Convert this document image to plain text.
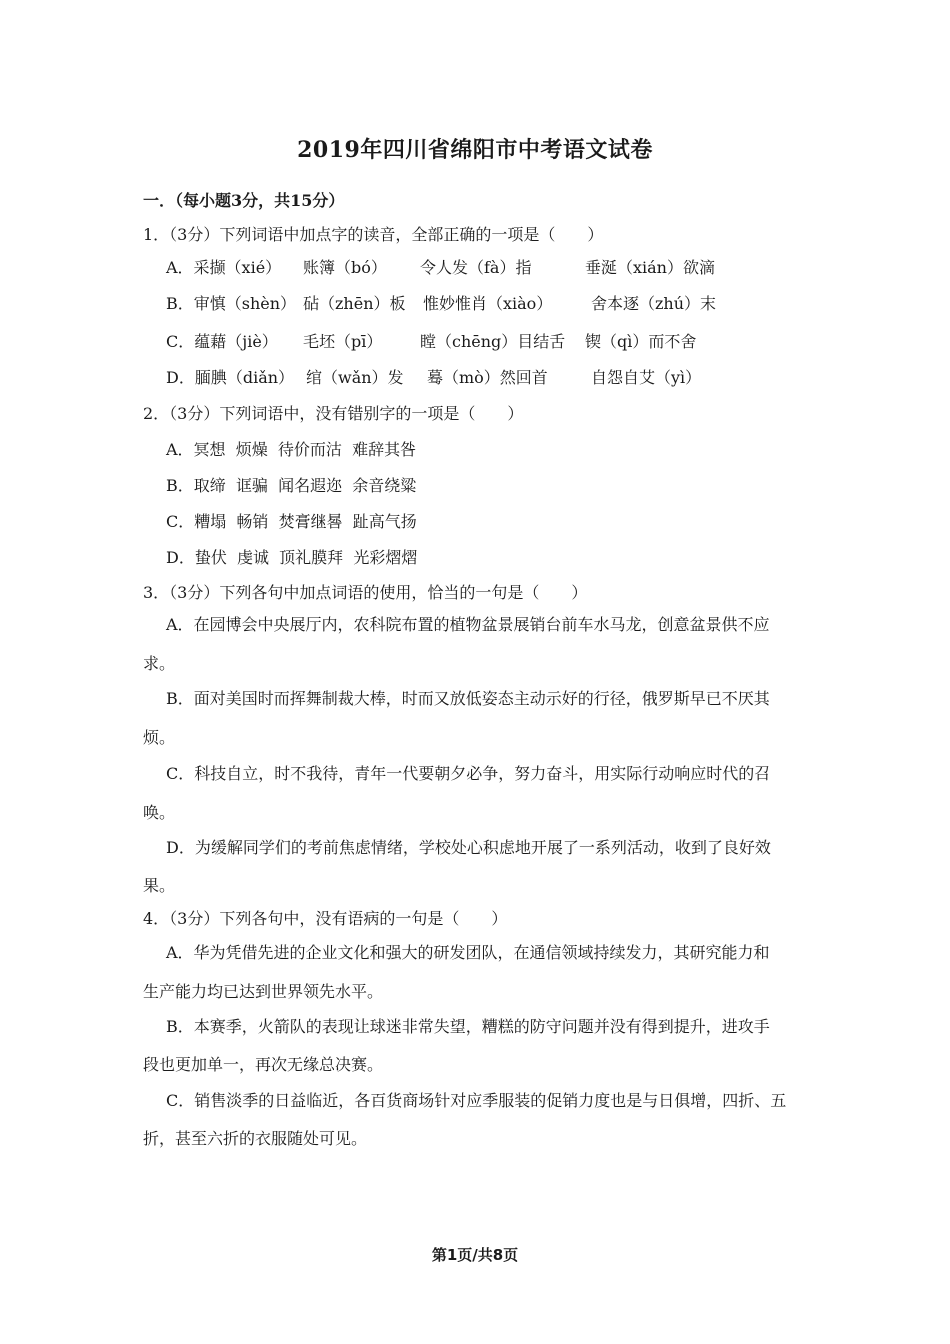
2019年四川省绵阳市中考语文试卷
一．（每小题3分，共15分）
1．（3分）下列词语中加点字的读音，全部正确的一项是（　　）
A．采撷（xié） 账簿（bó） 令人发（fà）指	垂涎（xián）欲滴
B．审慎（shèn） 砧（zhēn）板 惟妙惟肖（xiào） 舍本逐（zhú）末
C．蕴藉（jiè） 毛坯（pī） 瞠（chēng）目结舌 锲（qì）而不舍
D．腼腆（diǎn） 绾（wǎn）发 蓦（mò）然回首	自怨自艾（yì）
2．（3分）下列词语中，没有错别字的一项是（　　）
A．冥想  烦燥  待价而沽  难辞其咎
B．取缔  诓骗  闻名遐迩  余音绕粱
C．糟塌  畅销  焚膏继晷  趾高气扬
D．蛰伏  虔诚  顶礼膜拜  光彩熠熠
3．（3分）下列各句中加点词语的使用，恰当的一句是（　　）
A．在园博会中央展厅内，农科院布置的植物盆景展销台前车水马龙，创意盆景供不应
求。
B．面对美国时而挥舞制裁大棒，时而又放低姿态主动示好的行径，俄罗斯早已不厌其
烦。
C．科技自立，时不我待，青年一代要朝夕必争，努力奋斗，用实际行动响应时代的召
唤。
D．为缓解同学们的考前焦虑情绪，学校处心积虑地开展了一系列活动，收到了良好效
果。
4．（3分）下列各句中，没有语病的一句是（　　）
A．华为凭借先进的企业文化和强大的研发团队，在通信领域持续发力，其研究能力和
生产能力均已达到世界领先水平。
B．本赛季，火箭队的表现让球迷非常失望，糟糕的防守问题并没有得到提升，进攻手
段也更加单一，再次无缘总决赛。
C．销售淡季的日益临近，各百货商场针对应季服装的促销力度也是与日俱增，四折、五
折，甚至六折的衣服随处可见。
第1页/共8页
